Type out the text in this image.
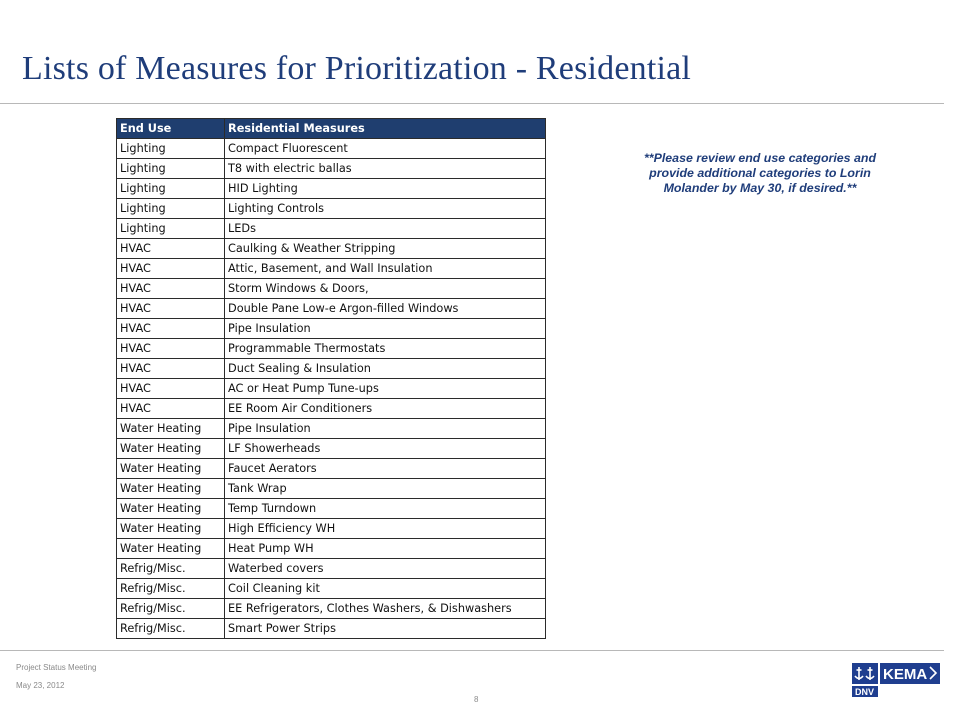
Lists of Measures for Prioritization - Residential
End Use	Residential Measures
Lighting	Compact Fluorescent
Lighting	T8 with electric ballas
Lighting	HID Lighting
Lighting	Lighting Controls
Lighting	LEDs
HVAC	Caulking & Weather Stripping
HVAC	Attic, Basement, and Wall Insulation
HVAC	Storm Windows & Doors,
HVAC	Double Pane Low-e Argon-filled Windows
HVAC	Pipe Insulation
HVAC	Programmable Thermostats
HVAC	Duct Sealing & Insulation
HVAC	AC or Heat Pump Tune-ups
HVAC	EE Room Air Conditioners
Water Heating	Pipe Insulation
Water Heating	LF Showerheads
Water Heating	Faucet Aerators
Water Heating	Tank Wrap
Water Heating	Temp Turndown
Water Heating	High Efficiency WH
Water Heating	Heat Pump WH
Refrig/Misc.	Waterbed covers
Refrig/Misc.	Coil Cleaning kit
Refrig/Misc.	EE Refrigerators, Clothes Washers, & Dishwashers
Refrig/Misc.	Smart Power Strips
**Please review end use categories and provide additional categories to Lorin Molander by May 30, if desired.**
Project Status Meeting
May 23, 2012
8
KEMA
DNV
